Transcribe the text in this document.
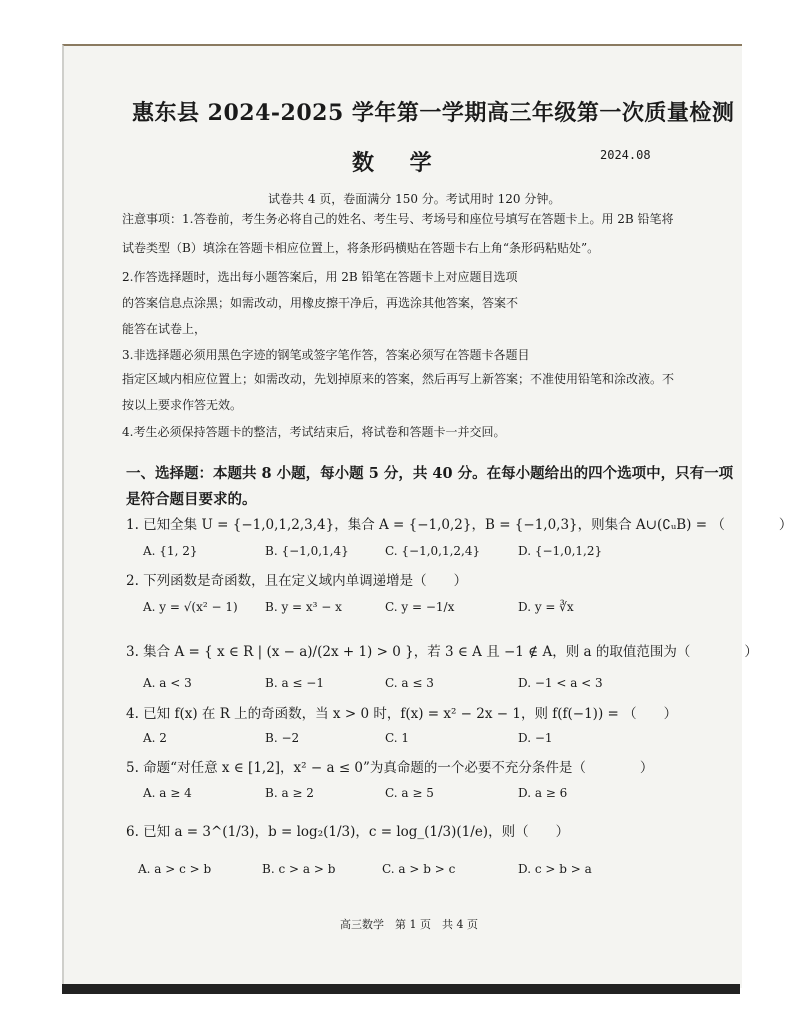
惠东县 2024-2025 学年第一学期高三年级第一次质量检测
数 学	2024.08
试卷共 4 页，卷面满分 150 分。考试用时 120 分钟。
注意事项：1.答卷前，考生务必将自己的姓名、考生号、考场号和座位号填写在答题卡上。用 2B 铅笔将
试卷类型（B）填涂在答题卡相应位置上，将条形码横贴在答题卡右上角“条形码粘贴处”。
2.作答选择题时，选出每小题答案后，用 2B 铅笔在答题卡上对应题目选项
的答案信息点涂黑；如需改动，用橡皮擦干净后，再选涂其他答案，答案不
能答在试卷上，
3.非选择题必须用黑色字迹的钢笔或签字笔作答，答案必须写在答题卡各题目
指定区域内相应位置上；如需改动，先划掉原来的答案，然后再写上新答案；不准使用铅笔和涂改液。不
按以上要求作答无效。
4.考生必须保持答题卡的整洁，考试结束后，将试卷和答题卡一并交回。
一、选择题：本题共 8 小题，每小题 5 分，共 40 分。在每小题给出的四个选项中，只有一项
是符合题目要求的。
1. 已知全集 U = {−1,0,1,2,3,4}，集合 A = {−1,0,2}，B = {−1,0,3}，则集合 A∪(∁ᵤB) = （　　　　）
A. {1, 2}	B. {−1,0,1,4}	C. {−1,0,1,2,4}	D. {−1,0,1,2}
2. 下列函数是奇函数，且在定义域内单调递增是（　　）
A. y = √(x² − 1) B. y = x³ − x	C. y = −1/x	D. y = ∛x
3. 集合 A = { x ∈ R | (x − a)/(2x + 1) > 0 }，若 3 ∈ A 且 −1 ∉ A，则 a 的取值范围为（　　　　）
A. a < 3	B. a ≤ −1	C. a ≤ 3	D. −1 < a < 3
4. 已知 f(x) 在 R 上的奇函数，当 x > 0 时，f(x) = x² − 2x − 1，则 f(f(−1)) = （　　）
A. 2	B. −2	C. 1	D. −1
5. 命题“对任意 x ∈ [1,2]，x² − a ≤ 0”为真命题的一个必要不充分条件是（　　　　）
A. a ≥ 4	B. a ≥ 2	C. a ≥ 5	D. a ≥ 6
6. 已知 a = 3^(1/3)，b = log₂(1/3)，c = log_(1/3)(1/e)，则（　　）
A. a > c > b	B. c > a > b	C. a > b > c	D. c > b > a
高三数学　第 1 页　共 4 页
